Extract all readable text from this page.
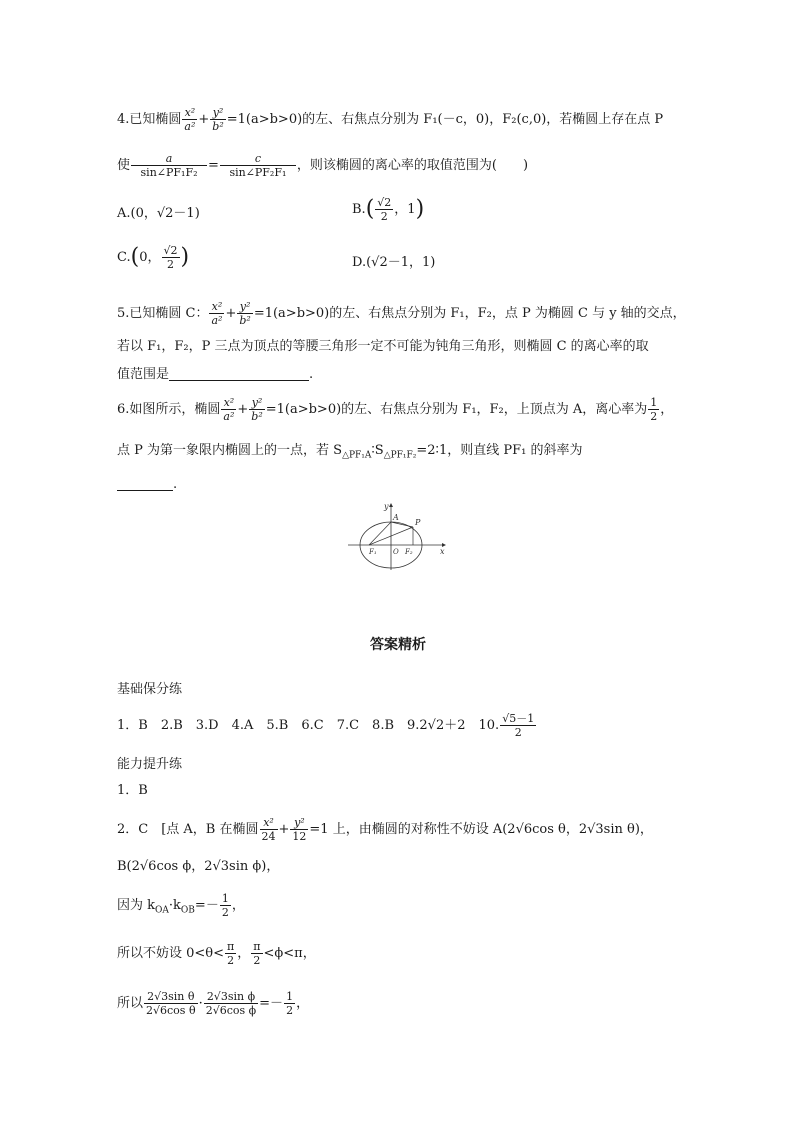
4.已知椭圆 $\frac{\text{x²}}{\text{a²}} + \frac{\text{y²}}{\text{b²}} =1(a>b>0)$的左、右焦点分别为 F₁(－c，0)，F₂(c,0)，若椭圆上存在点 P
使 $\frac{a}{\text{sin∠PF₁F₂}} = \frac{c}{\text{sin∠PF₂F₁}}$ ，则该椭圆的离心率的取值范围为(　　)
A.(0，√2－1)	$B.( \frac{√2}{2}$ ，1)
C.(0， $\frac{√2}{2}$ )	D.(√2－1，1)
5.已知椭圆 C： $\frac{\text{x²}}{\text{a²}} + \frac{\text{y²}}{\text{b²}} =1(a>b>0)$的左、右焦点分别为 F₁，F₂，点 P 为椭圆 C 与 y 轴的交点，
若以 F₁，F₂，P 三点为顶点的等腰三角形一定不可能为钝角三角形，则椭圆 C 的离心率的取
值范围是	.
6.如图所示，椭圆 $\frac{\text{x²}}{\text{a²}} + \frac{\text{y²}}{\text{b²}} =1(a>b>0)$的左、右焦点分别为 F₁，F₂，上顶点为 A，离心率为 $\frac{1}{2}$ ，
点 P 为第一象限内椭圆上的一点，若 $S_{\triangle PF_1A}∶S_{\triangle PF_1F_2}=2∶1$，则直线 PF₁ 的斜率为
.
y
A
P
F₁ O F₂	x
答案精析
基础保分练
1．B　2.B　3.D　4.A　5.B　6.C　7.C　8.B　9.2√2＋2　10. $\frac{√5-1}{2}$
能力提升练
1．B
2．C　[点 A，B 在椭圆 $\frac{\text{x²}}{24} + \frac{\text{y²}}{12} =1$ 上，由椭圆的对称性不妨设 A(2√6cos θ，2√3sin θ)，
B(2√6cos ϕ，2√3sin ϕ)，
因为 $k_{OA}\cdot k_{OB}=- \frac{1}{2}$ ，
所以不妨设 $0<\theta< \frac{\pi}{2}$ ， $\frac{\pi}{2} <\phi<\pi$，
所以 $\frac{\text{2√3sin θ}}{\text{2√6cos θ}} \cdot \frac{\text{2√3sin ϕ}}{\text{2√6cos ϕ}} =- \frac{1}{2}$ ，
